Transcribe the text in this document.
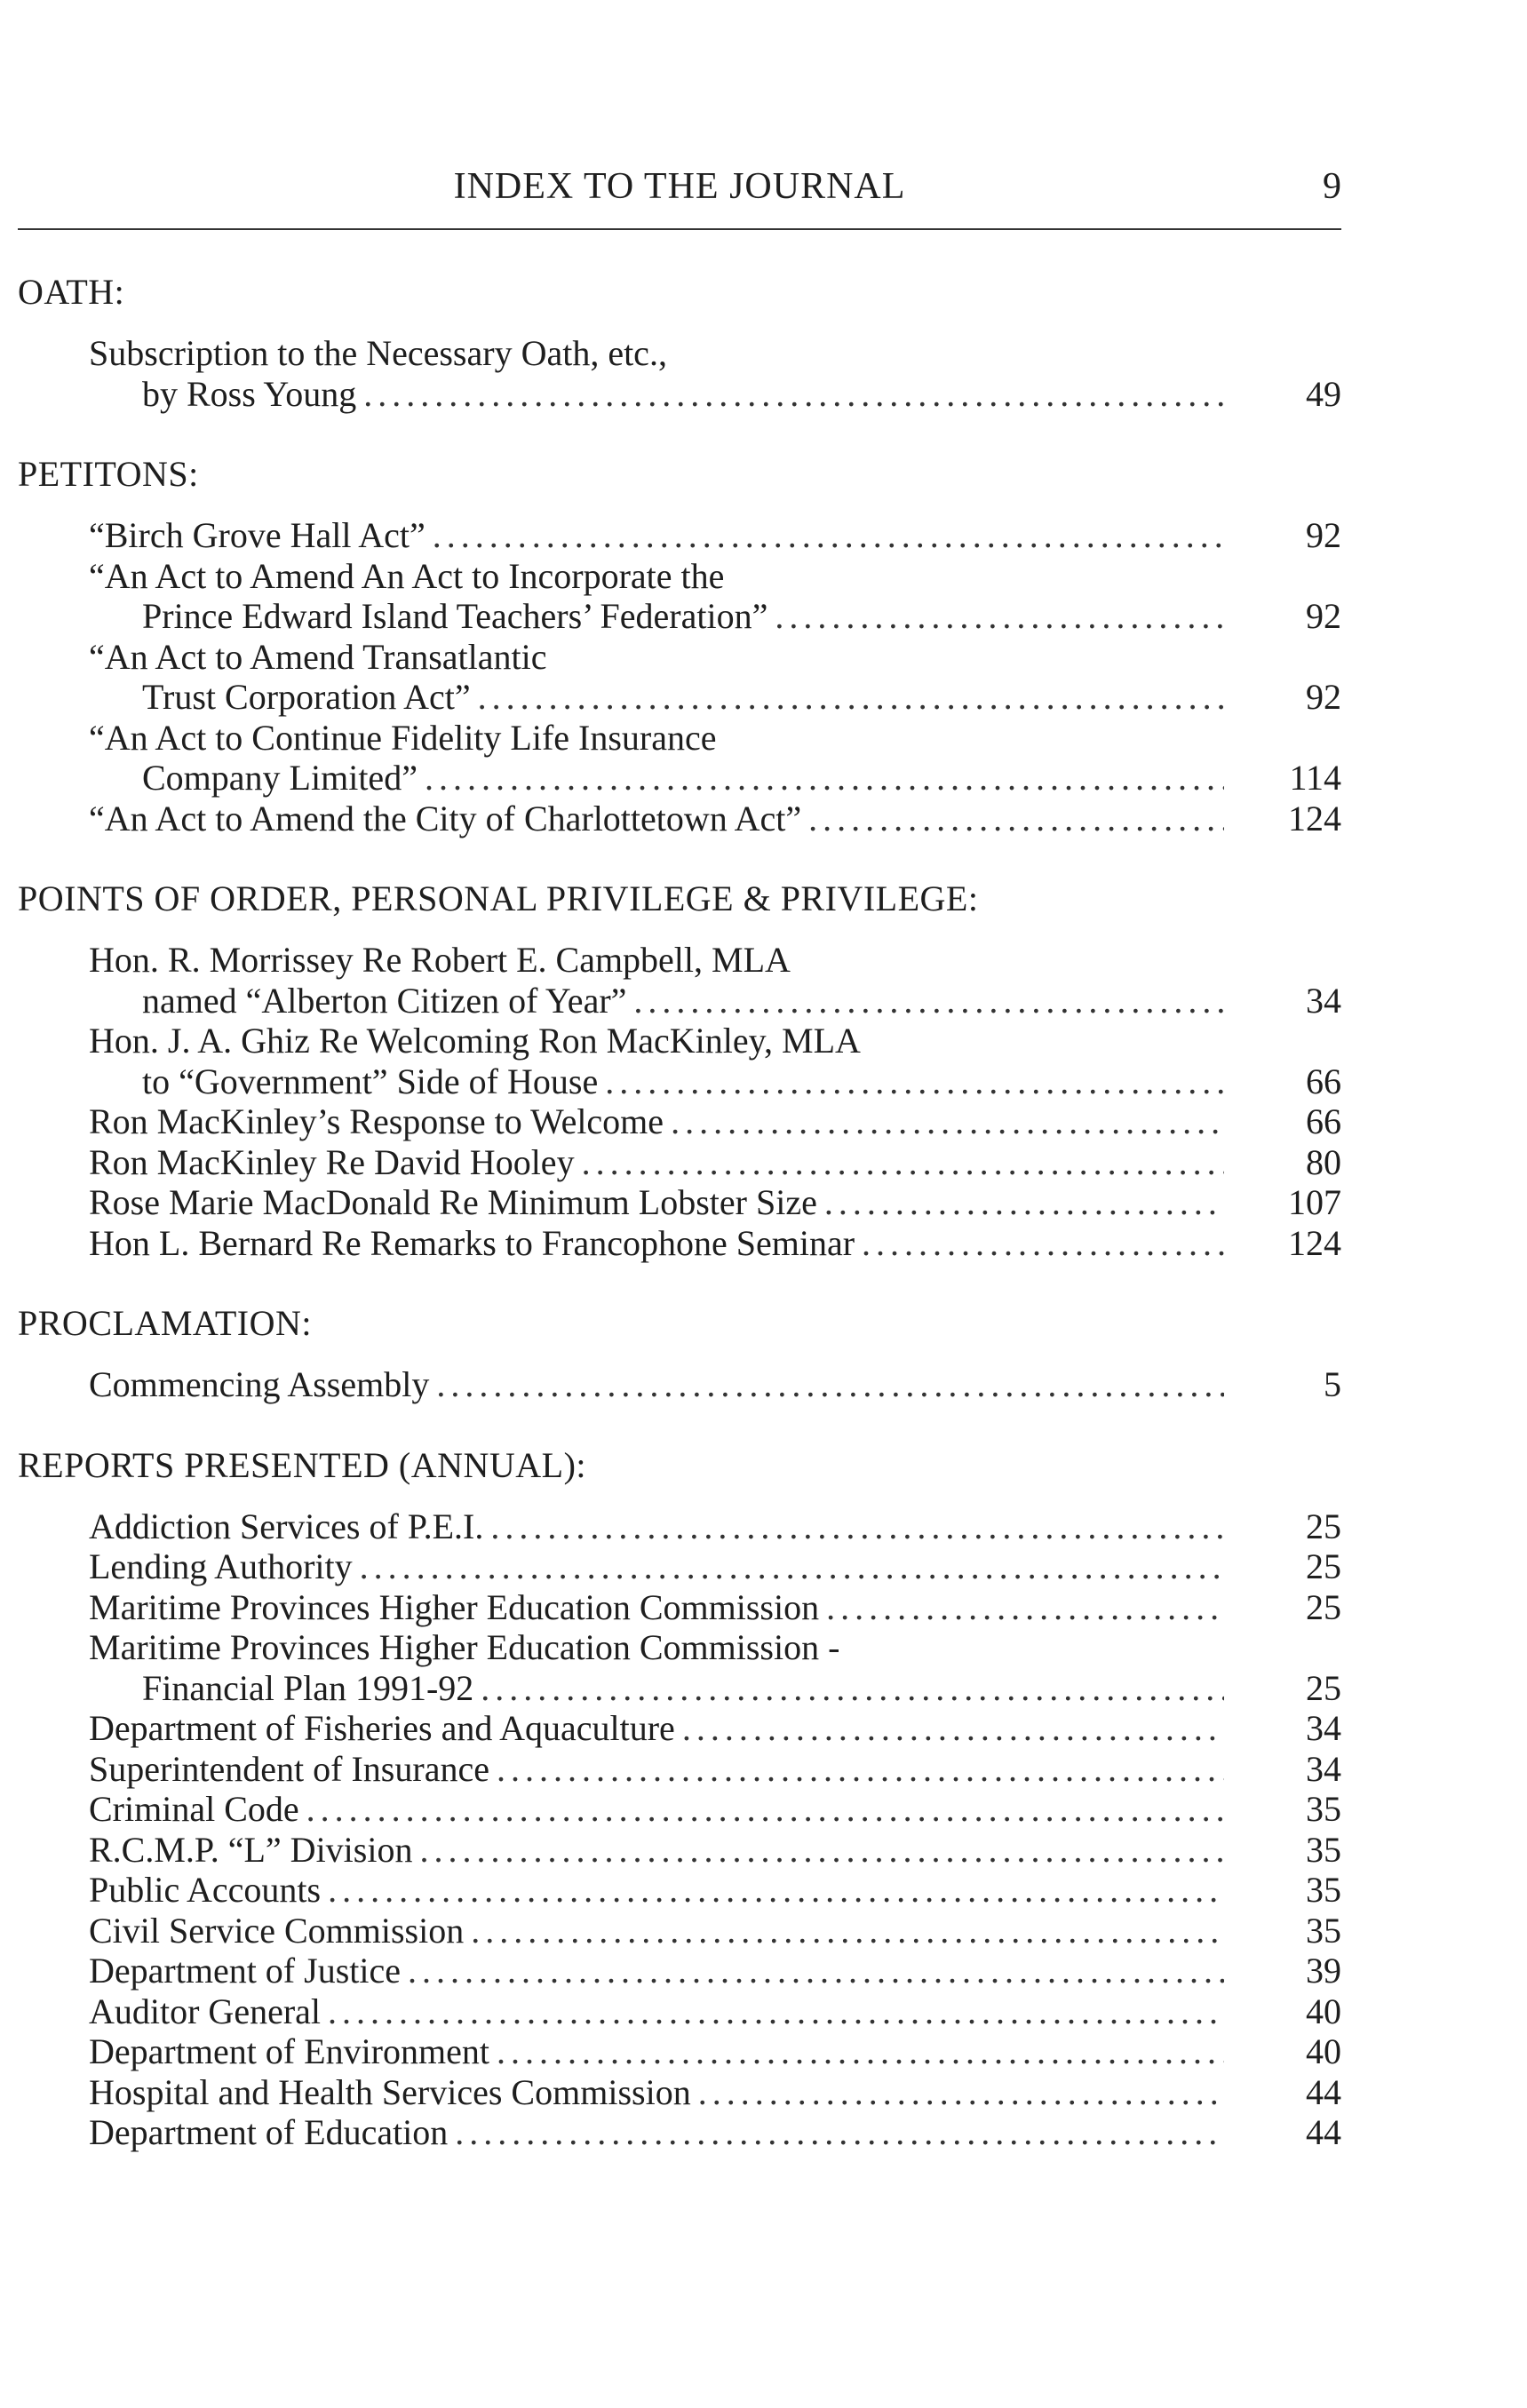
INDEX TO THE JOURNAL	9
OATH:
Subscription to the Necessary Oath, etc.,
by Ross Young .....	49
PETITONS:
“Birch Grove Hall Act” .....	92
“An Act to Amend An Act to Incorporate the
Prince Edward Island Teachers’ Federation” .....	92
“An Act to Amend Transatlantic
Trust Corporation Act” .....	92
“An Act to Continue Fidelity Life Insurance
Company Limited” .....	114
“An Act to Amend the City of Charlottetown Act” .....	124
POINTS OF ORDER, PERSONAL PRIVILEGE & PRIVILEGE:
Hon. R. Morrissey Re Robert E. Campbell, MLA
named “Alberton Citizen of Year” .....	34
Hon. J. A. Ghiz Re Welcoming Ron MacKinley, MLA
to “Government” Side of House .....	66
Ron MacKinley’s Response to Welcome .....	66
Ron MacKinley Re David Hooley .....	80
Rose Marie MacDonald Re Minimum Lobster Size .....	107
Hon L. Bernard Re Remarks to Francophone Seminar .....	124
PROCLAMATION:
Commencing Assembly .....	5
REPORTS PRESENTED (ANNUAL):
Addiction Services of P.E.I. .....	25
Lending Authority .....	25
Maritime Provinces Higher Education Commission .....	25
Maritime Provinces Higher Education Commission -
Financial Plan 1991-92 .....	25
Department of Fisheries and Aquaculture .....	34
Superintendent of Insurance .....	34
Criminal Code .....	35
R.C.M.P. “L” Division .....	35
Public Accounts .....	35
Civil Service Commission .....	35
Department of Justice .....	39
Auditor General .....	40
Department of Environment .....	40
Hospital and Health Services Commission .....	44
Department of Education .....	44
